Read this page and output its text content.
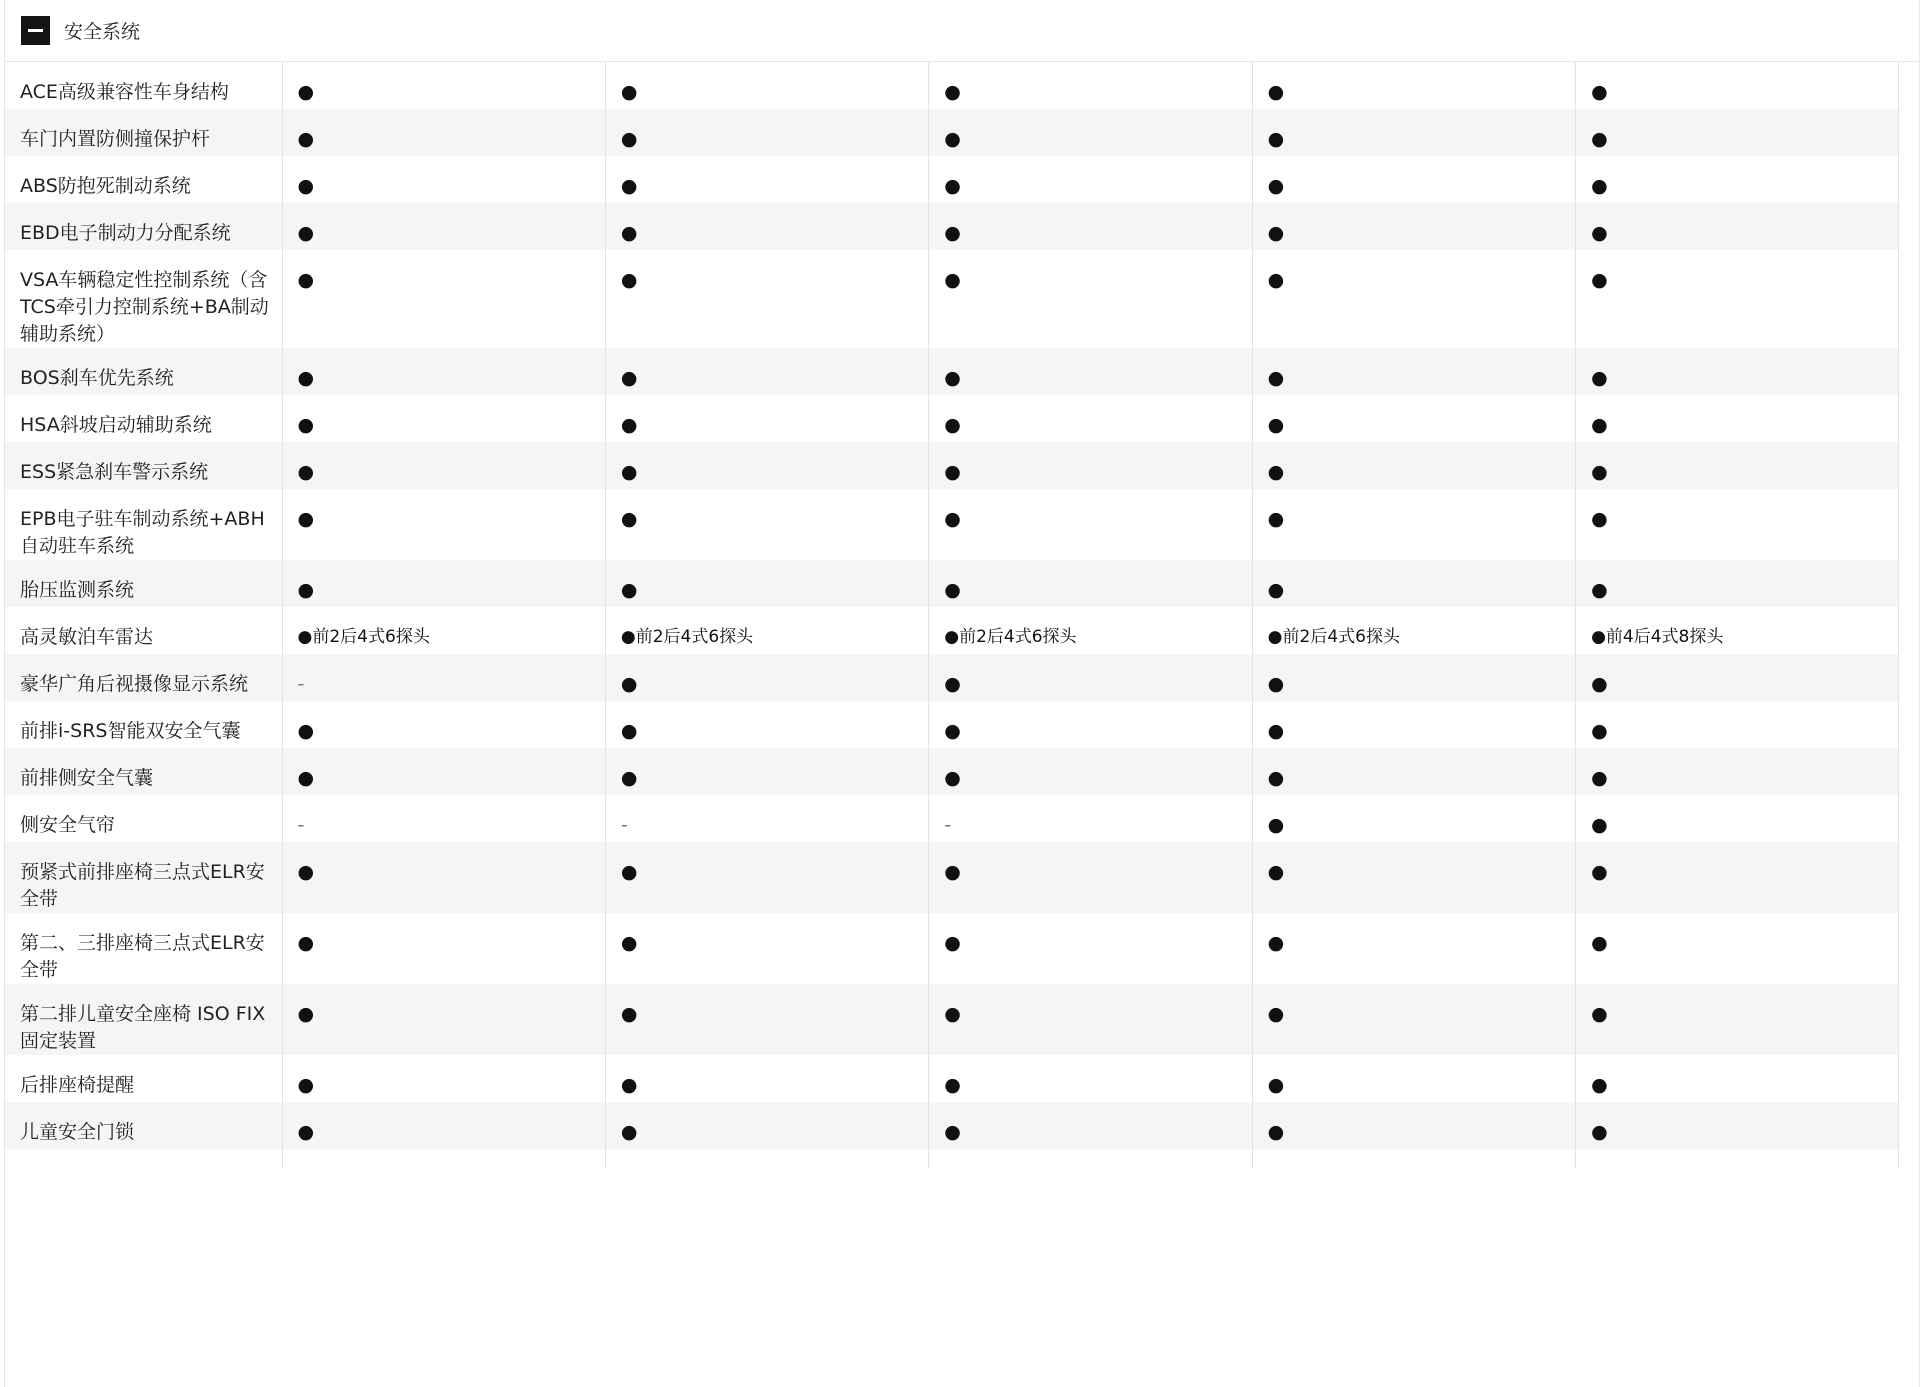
安全系统
ACE高级兼容性车身结构	●	●	●	●	●
车门内置防侧撞保护杆	●	●	●	●	●
ABS防抱死制动系统	●	●	●	●	●
EBD电子制动力分配系统	●	●	●	●	●
VSA车辆稳定性控制系统（含TCS牵引力控制系统+BA制动辅助系统）	●	●	●	●	●
BOS刹车优先系统	●	●	●	●	●
HSA斜坡启动辅助系统	●	●	●	●	●
ESS紧急刹车警示系统	●	●	●	●	●
EPB电子驻车制动系统+ABH自动驻车系统	●	●	●	●	●
胎压监测系统	●	●	●	●	●
高灵敏泊车雷达	●前2后4式6探头	●前2后4式6探头	●前2后4式6探头	●前2后4式6探头	●前4后4式8探头
豪华广角后视摄像显示系统	-	●	●	●	●
前排i-SRS智能双安全气囊	●	●	●	●	●
前排侧安全气囊	●	●	●	●	●
侧安全气帘	-	-	-	●	●
预紧式前排座椅三点式ELR安全带	●	●	●	●	●
第二、三排座椅三点式ELR安全带	●	●	●	●	●
第二排儿童安全座椅 ISO FIX 固定装置	●	●	●	●	●
后排座椅提醒	●	●	●	●	●
儿童安全门锁	●	●	●	●	●
